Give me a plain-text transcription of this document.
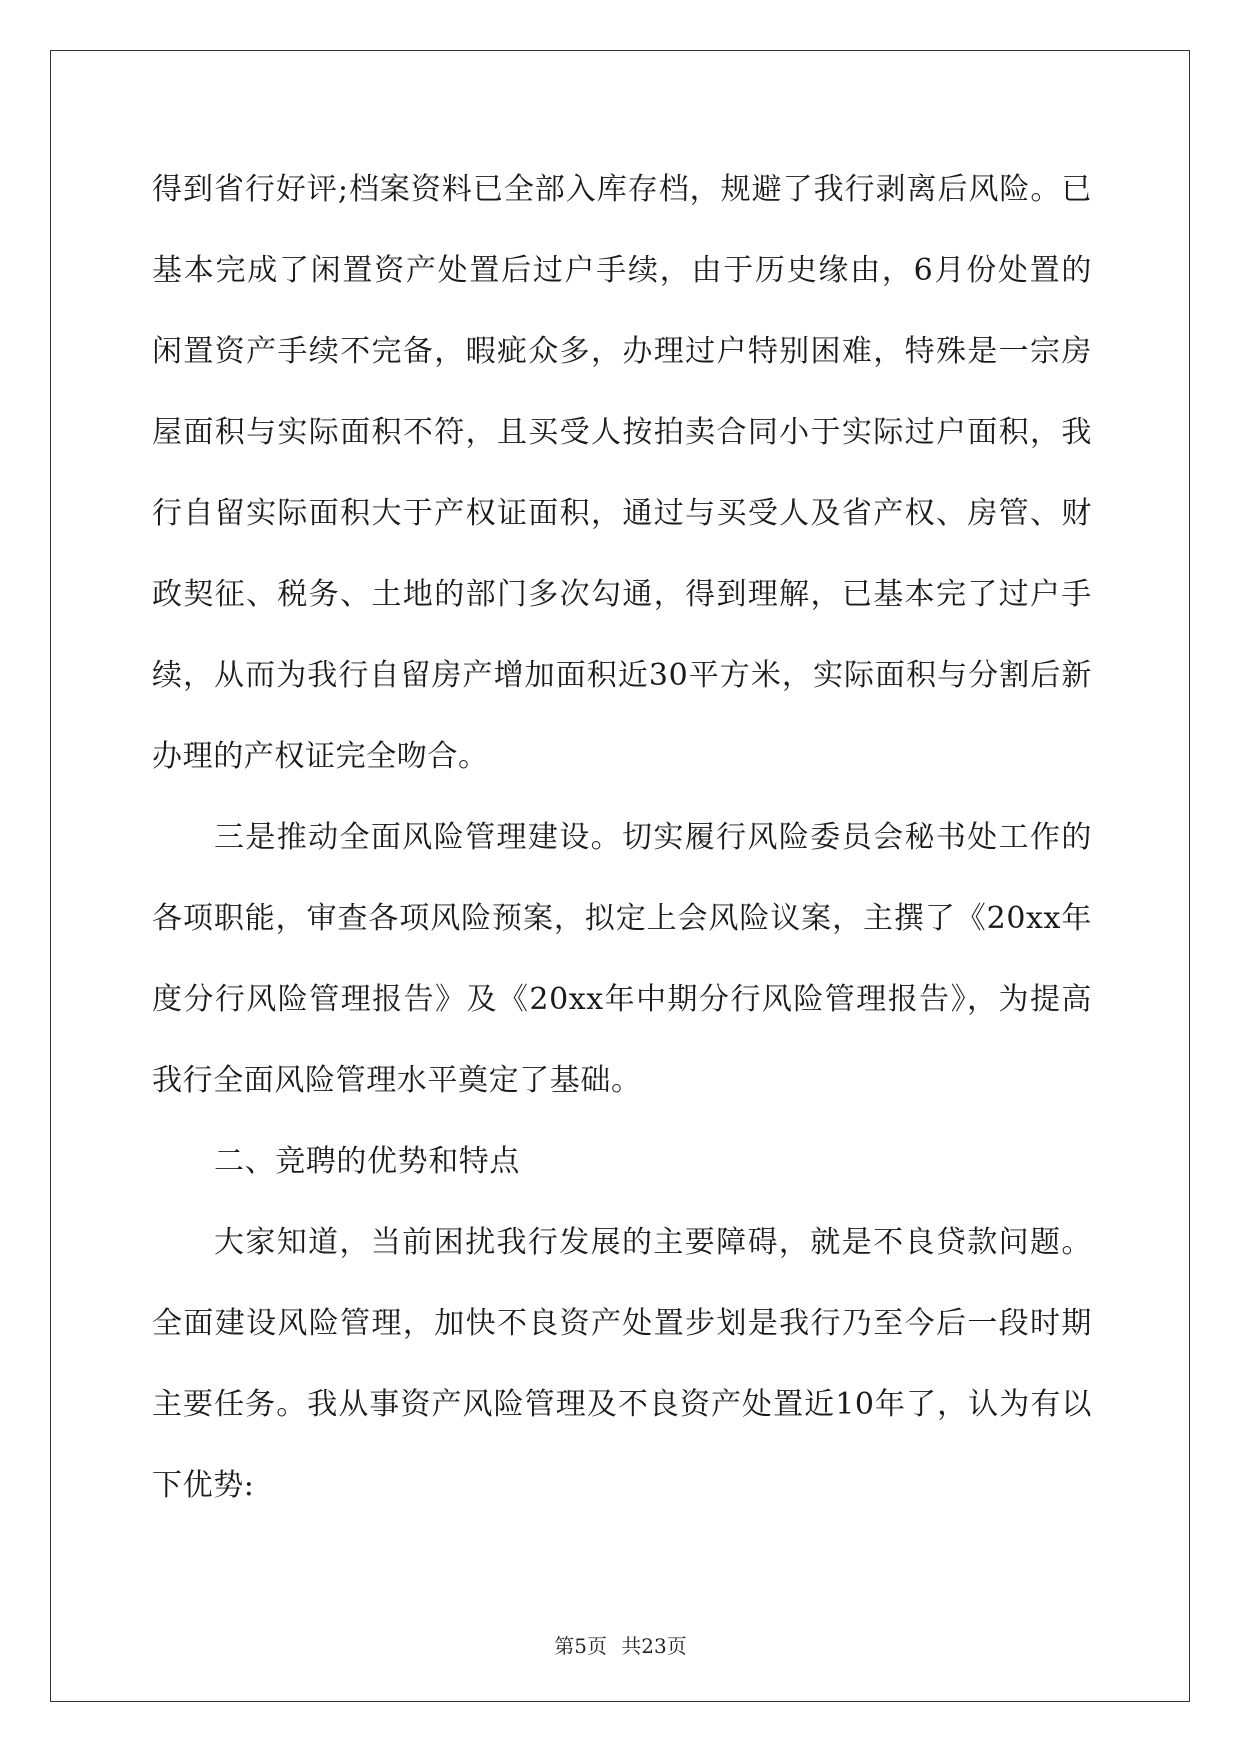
得到省行好评;档案资料已全部入库存档，规避了我行剥离后风险。已
基本完成了闲置资产处置后过户手续，由于历史缘由，6月份处置的
闲置资产手续不完备，暇疵众多，办理过户特别困难，特殊是一宗房
屋面积与实际面积不符，且买受人按拍卖合同小于实际过户面积，我
行自留实际面积大于产权证面积，通过与买受人及省产权、房管、财
政契征、税务、土地的部门多次勾通，得到理解，已基本完了过户手
续，从而为我行自留房产增加面积近30平方米，实际面积与分割后新
办理的产权证完全吻合。
三是推动全面风险管理建设。切实履行风险委员会秘书处工作的
各项职能，审查各项风险预案，拟定上会风险议案，主撰了《20xx年
度分行风险管理报告》及《20xx年中期分行风险管理报告》，为提高
我行全面风险管理水平奠定了基础。
二、竞聘的优势和特点
大家知道，当前困扰我行发展的主要障碍，就是不良贷款问题。
全面建设风险管理，加快不良资产处置步划是我行乃至今后一段时期
主要任务。我从事资产风险管理及不良资产处置近10年了，认为有以
下优势:
第5页 共23页
